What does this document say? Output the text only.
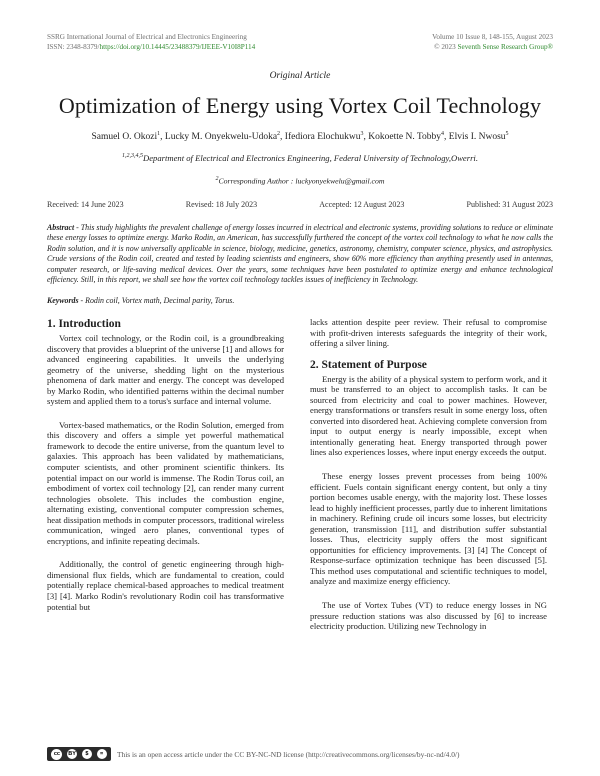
SSRG International Journal of Electrical and Electronics Engineering
ISSN: 2348-8379/https://doi.org/10.14445/23488379/IJEEE-V10I8P114
Volume 10 Issue 8, 148-155, August 2023
© 2023 Seventh Sense Research Group®
Original Article
Optimization of Energy using Vortex Coil Technology
Samuel O. Okozi$^1$, Lucky M. Onyekwelu-Udoka$^2$, Ifediora Elochukwu$^3$, Kokoette N. Tobby$^4$, Elvis I. Nwosu$^5$
$^{1,2,3,4,5}$Department of Electrical and Electronics Engineering, Federal University of Technology,Owerri.
$^2$Corresponding Author : luckyonyekwelu@gmail.com
Received: 14 June 2023	Revised: 18 July 2023	Accepted: 12 August 2023	Published: 31 August 2023
Abstract - This study highlights the prevalent challenge of energy losses incurred in electrical and electronic systems, providing solutions to reduce or eliminate these energy losses to optimize energy. Marko Rodin, an American, has successfully furthered the concept of the vortex coil technology to what he now calls the Rodin solution, and it is now universally applicable in science, biology, medicine, genetics, astronomy, chemistry, computer science, physics, and astrophysics. Crude versions of the Rodin coil, created and tested by leading scientists and engineers, show 60% more efficiency than anything presently used in antennas, computer research, or life-saving medical devices. Over the years, some techniques have been postulated to optimize energy and enhance technological efficiency. Still, in this report, we shall see how the vortex coil technology tackles issues of inefficiency in Technology.
Keywords - Rodin coil, Vortex math, Decimal parity, Torus.
1. Introduction

Vortex coil technology, or the Rodin coil, is a groundbreaking discovery that provides a blueprint of the universe [1] and allows for advanced engineering capabilities. It unveils the underlying geometry of the universe, shedding light on the mysterious phenomena of dark matter and energy. The concept was developed by Marko Rodin, who identified patterns within the decimal number system and applied them to a torus's surface and internal volume.

Vortex-based mathematics, or the Rodin Solution, emerged from this discovery and offers a simple yet powerful mathematical framework to decode the entire universe, from the quantum level to galaxies. This approach has been validated by mathematicians, computer scientists, and other prominent scientific thinkers. Its potential impact on our world is immense. The Rodin Torus coil, an embodiment of vortex coil technology [2], can render many current technologies obsolete. This includes the combustion engine, alternating existing, conventional computer compression schemes, heat dissipation methods in computer processors, traditional wireless communication, winged aero planes, conventional types of encryptions, and infinite repeating decimals.

Additionally, the control of genetic engineering through high-dimensional flux fields, which are fundamental to creation, could potentially replace chemical-based approaches to medical treatment [3] [4]. Marko Rodin's revolutionary Rodin coil has transformative potential but

lacks attention despite peer review. Their refusal to compromise with profit-driven interests safeguards the integrity of their work, offering a silver lining.

2. Statement of Purpose

Energy is the ability of a physical system to perform work, and it must be transferred to an object to accomplish tasks. It can be sourced from electricity and coal to power machines. However, energy transformations or transfers result in some energy loss, often converted into disordered heat. Achieving complete conversion from input to output energy is nearly impossible, except when intentionally generating heat. Energy transported through power lines also experiences losses, where input energy exceeds the output.

These energy losses prevent processes from being 100% efficient. Fuels contain significant energy content, but only a tiny portion becomes usable energy, with the majority lost. These losses lead to highly inefficient processes, partly due to inherent limitations in machinery. Refining crude oil incurs some losses, but electricity generation, transmission [11], and distribution suffer substantial losses. Thus, electricity supply offers the most significant opportunities for efficiency improvements. [3] [4] The Concept of Response-surface optimization technique has been discussed [5]. This method uses computational and scientific techniques to model, analyze and maximize energy efficiency.

The use of Vortex Tubes (VT) to reduce energy losses in NG pressure reduction stations was also discussed by [6] to increase electricity production. Utilizing new Technology in

cc	BY	$	=	This is an open access article under the CC BY-NC-ND license (http://creativecommons.org/licenses/by-nc-nd/4.0/)
